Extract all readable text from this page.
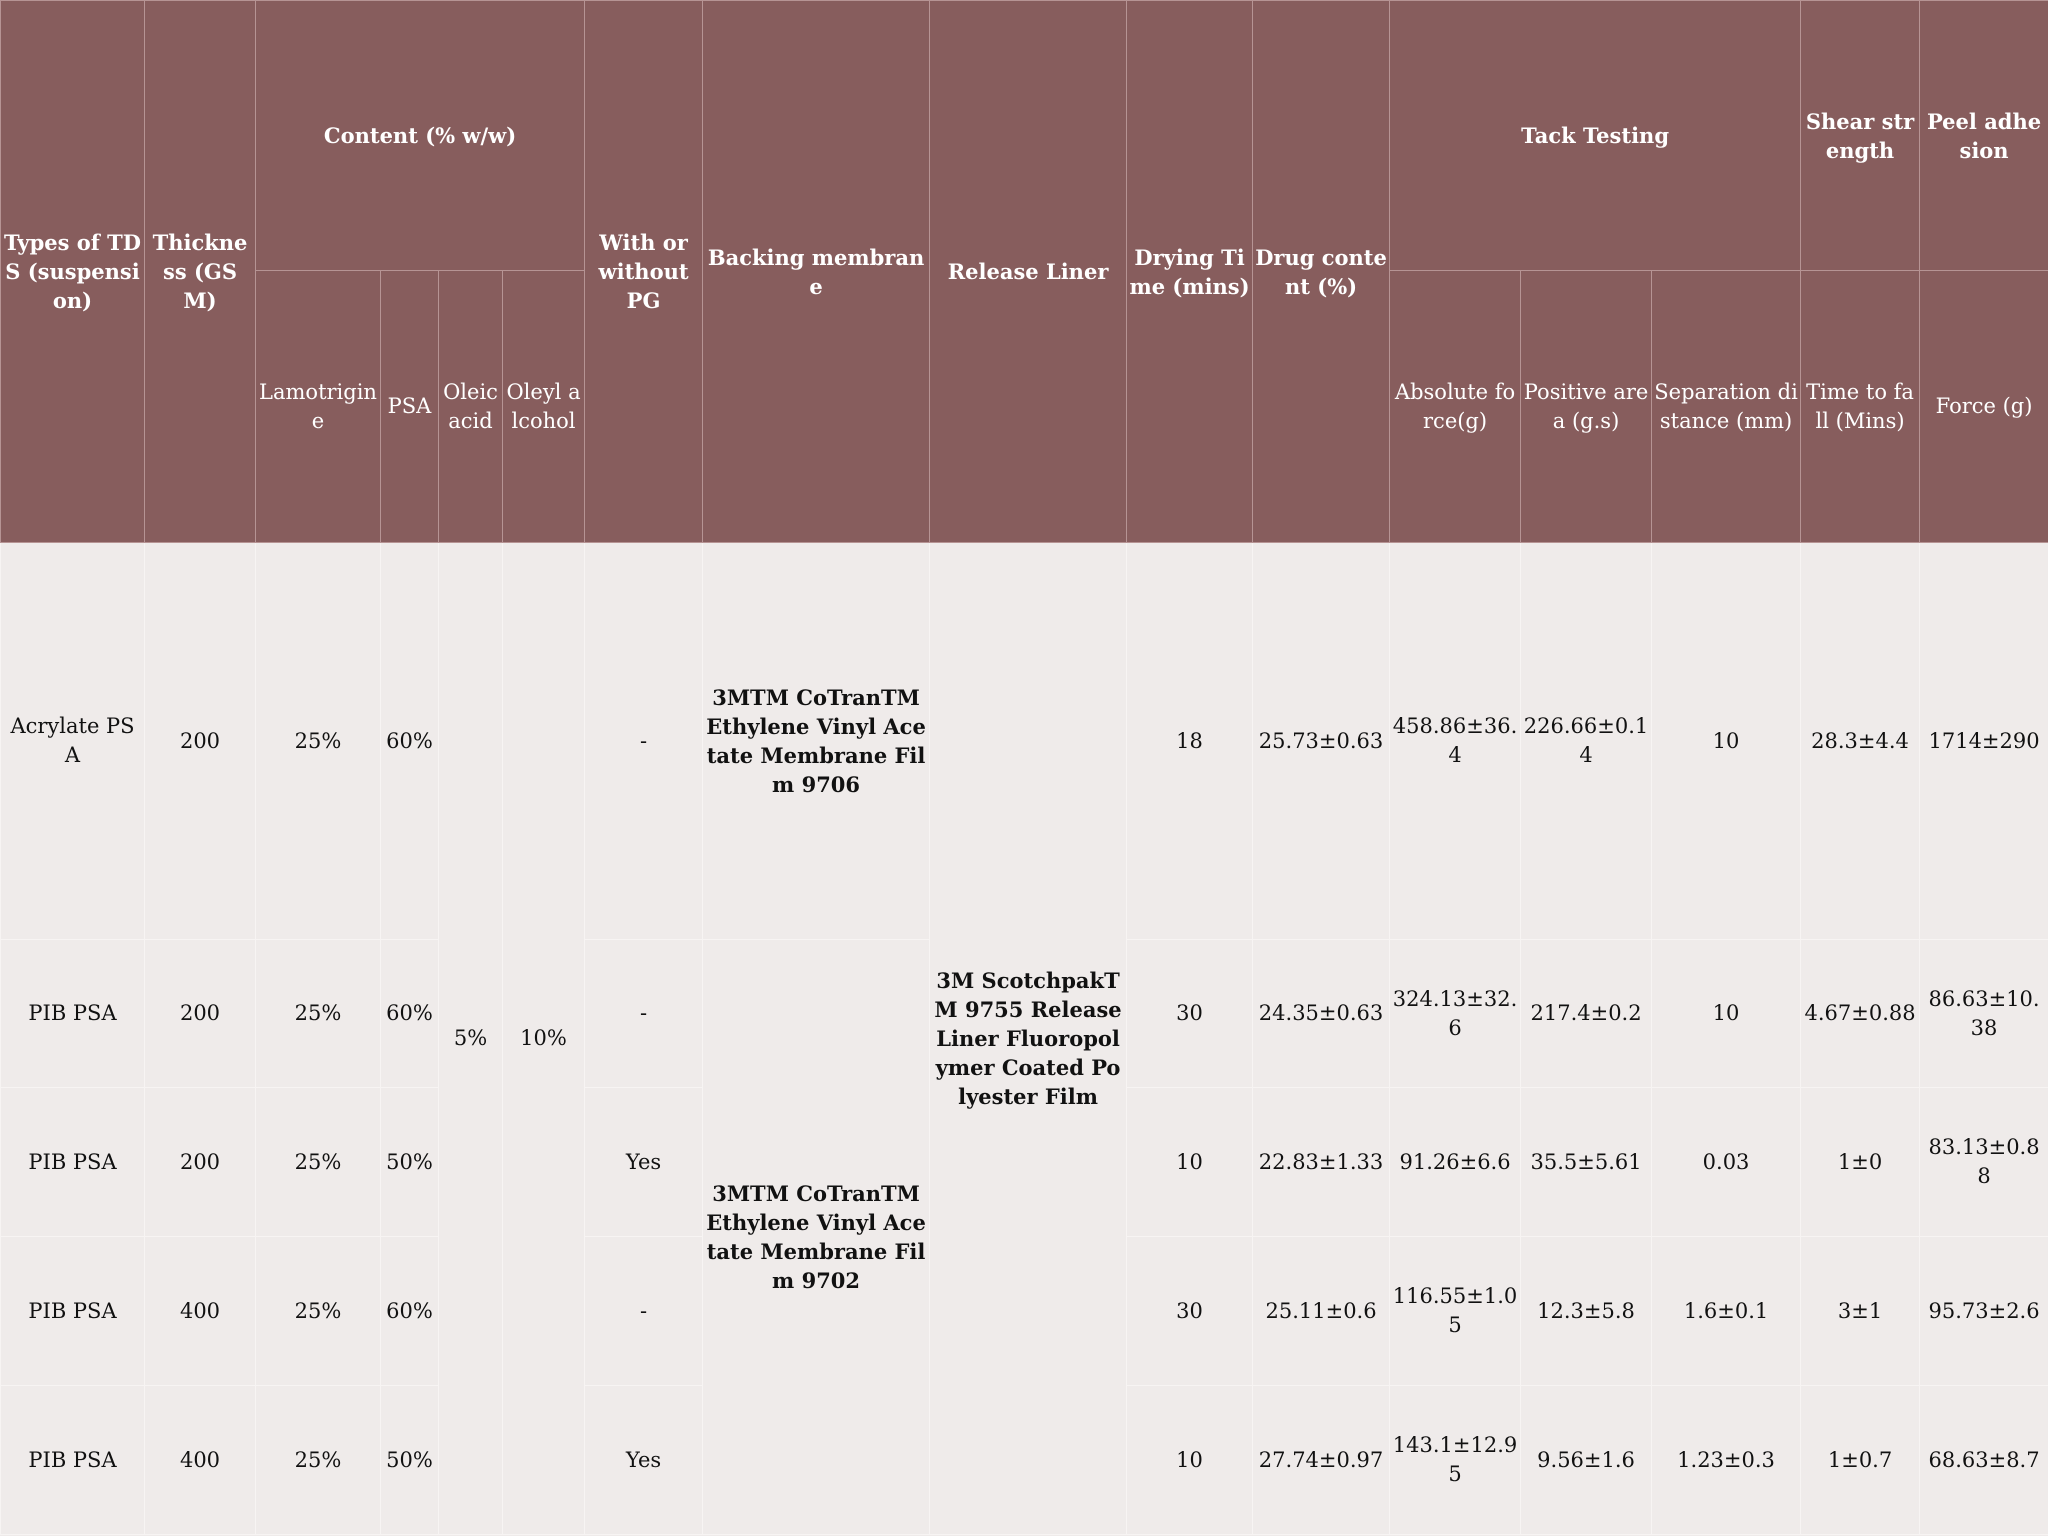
Types of TDS (suspension)	Thickness (GSM)	Content (% w/w)				With or without PG	Backing membrane	Release Liner	Drying Time (mins)	Drug content (%)	Tack Testing			Shear strength	Peel adhesion
		Lamotrigine	PSA	Oleic acid	Oleyl alcohol						Absolute force(g)	Positive area (g.s)	Separation distance (mm)	Time to fall (Mins)	Force (g)
Acrylate PSA	200	25%	60%	5%	10%	-	3MTM CoTranTM Ethylene Vinyl Acetate Membrane Film 9706	3M ScotchpakTM 9755 Release Liner Fluoropolymer Coated Polyester Film	18	25.73±0.63	458.86±36.4	226.66±0.14	10	28.3±4.4	1714±290
PIB PSA	200	25%	60%			-	3MTM CoTranTM Ethylene Vinyl Acetate Membrane Film 9702		30	24.35±0.63	324.13±32.6	217.4±0.2	10	4.67±0.88	86.63±10.38
PIB PSA	200	25%	50%			Yes			10	22.83±1.33	91.26±6.6	35.5±5.61	0.03	1±0	83.13±0.88
PIB PSA	400	25%	60%			-			30	25.11±0.6	116.55±1.05	12.3±5.8	1.6±0.1	3±1	95.73±2.6
PIB PSA	400	25%	50%			Yes			10	27.74±0.97	143.1±12.95	9.56±1.6	1.23±0.3	1±0.7	68.63±8.7
